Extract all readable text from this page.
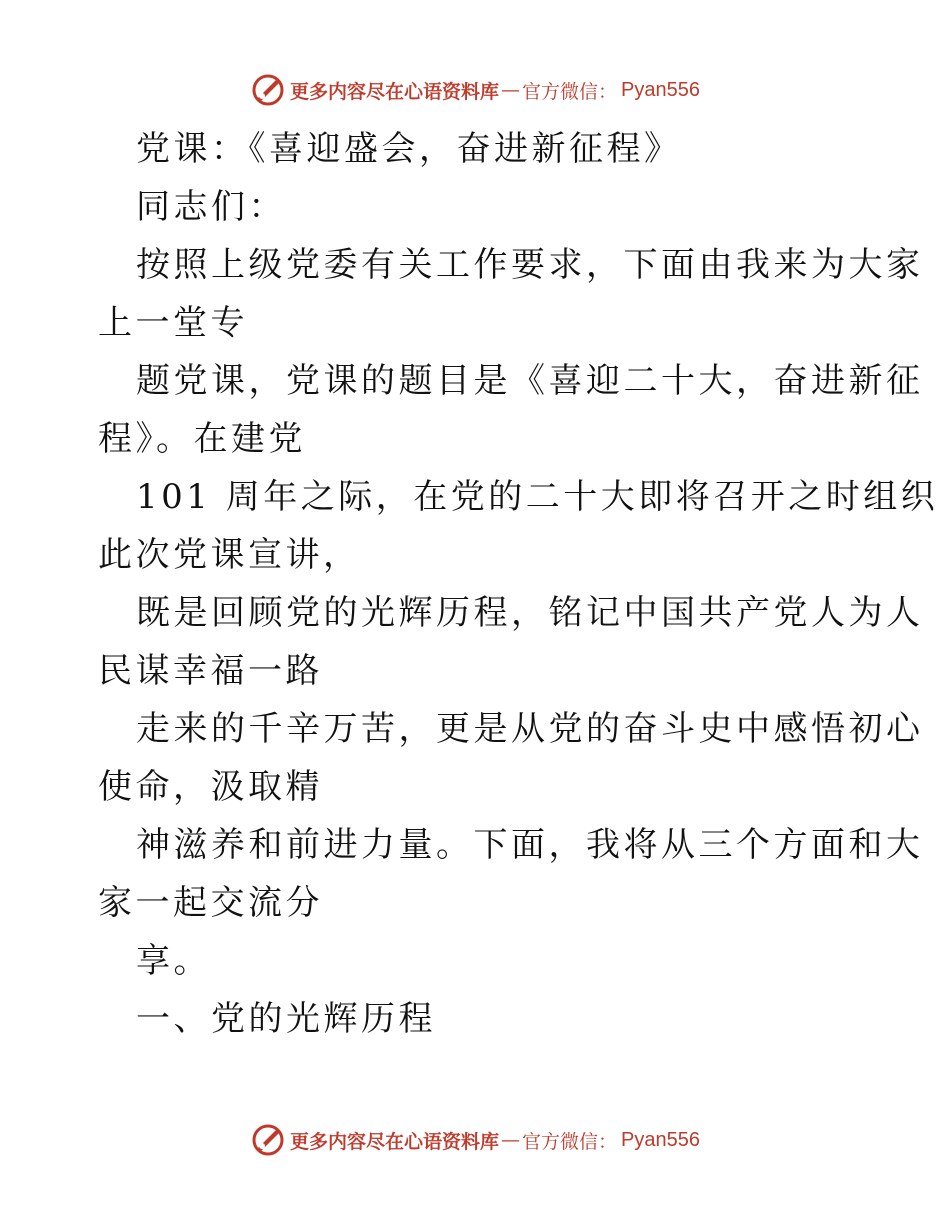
更多内容尽在心语资料库 — 官方微信： Pyan556
党课：《喜迎盛会，奋进新征程》
同志们：
按照上级党委有关工作要求，下面由我来为大家
上一堂专
题党课，党课的题目是《喜迎二十大，奋进新征
程》。在建党
101 周年之际，在党的二十大即将召开之时组织
此次党课宣讲，
既是回顾党的光辉历程，铭记中国共产党人为人
民谋幸福一路
走来的千辛万苦，更是从党的奋斗史中感悟初心
使命，汲取精
神滋养和前进力量。下面，我将从三个方面和大
家一起交流分
享。
一、党的光辉历程
更多内容尽在心语资料库 — 官方微信： Pyan556
